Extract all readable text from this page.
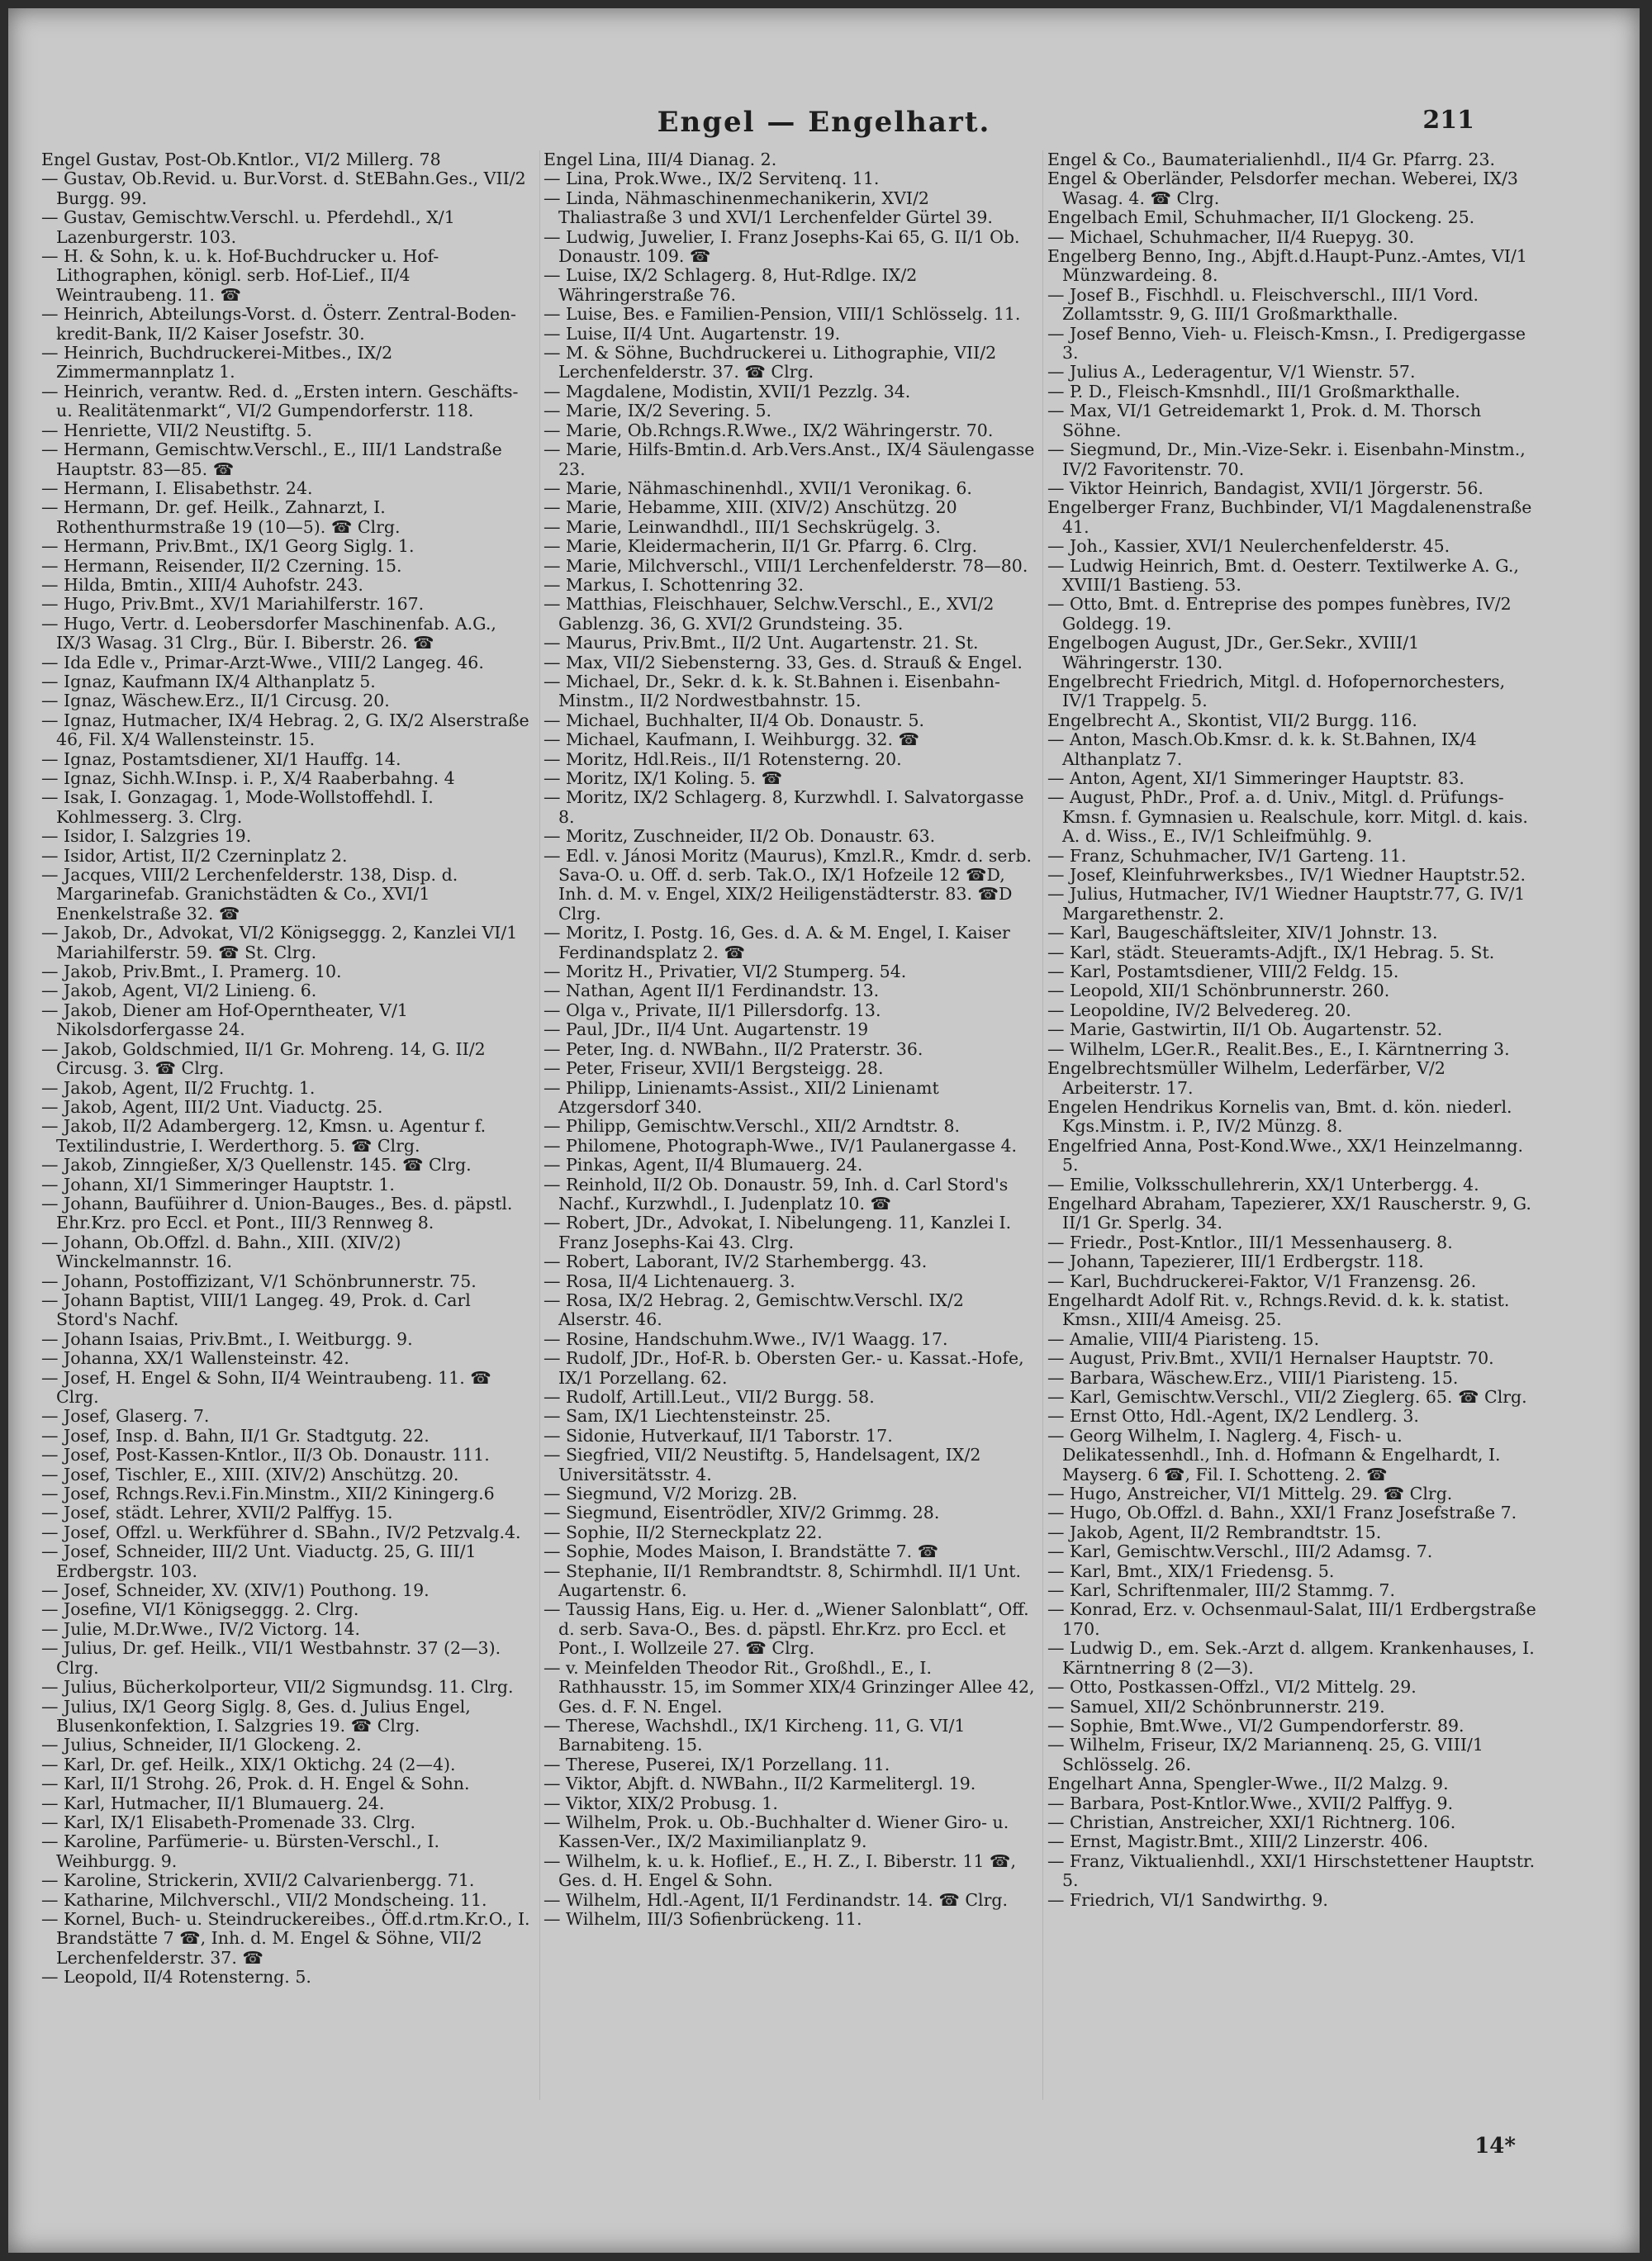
Engel — Engelhart.	211

Engel Gustav, Post-Ob.Kntlor., VI/2 Millerg. 78

— Gustav, Ob.Revid. u. Bur.Vorst. d. StEBahn.Ges., VII/2 Burgg. 99.

— Gustav, Gemischtw.Verschl. u. Pferdehdl., X/1 Lazenburgerstr. 103.

— H. & Sohn, k. u. k. Hof-Buchdrucker u. Hof-Lithographen, königl. serb. Hof-Lief., II/4 Weintraubeng. 11. ☎

— Heinrich, Abteilungs-Vorst. d. Österr. Zentral-Boden-kredit-Bank, II/2 Kaiser Josefstr. 30.

— Heinrich, Buchdruckerei-Mitbes., IX/2 Zimmermannplatz 1.

— Heinrich, verantw. Red. d. „Ersten intern. Geschäfts- u. Realitätenmarkt“, VI/2 Gumpendorferstr. 118.

— Henriette, VII/2 Neustiftg. 5.

— Hermann, Gemischtw.Verschl., E., III/1 Landstraße Hauptstr. 83—85. ☎

— Hermann, I. Elisabethstr. 24.

— Hermann, Dr. gef. Heilk., Zahnarzt, I. Rothenthurmstraße 19 (10—5). ☎ Clrg.

— Hermann, Priv.Bmt., IX/1 Georg Siglg. 1.

— Hermann, Reisender, II/2 Czerning. 15.

— Hilda, Bmtin., XIII/4 Auhofstr. 243.

— Hugo, Priv.Bmt., XV/1 Mariahilferstr. 167.

— Hugo, Vertr. d. Leobersdorfer Maschinenfab. A.G., IX/3 Wasag. 31 Clrg., Bür. I. Biberstr. 26. ☎

— Ida Edle v., Primar-Arzt-Wwe., VIII/2 Langeg. 46.

— Ignaz, Kaufmann IX/4 Althanplatz 5.

— Ignaz, Wäschew.Erz., II/1 Circusg. 20.

— Ignaz, Hutmacher, IX/4 Hebrag. 2, G. IX/2 Alserstraße 46, Fil. X/4 Wallensteinstr. 15.

— Ignaz, Postamtsdiener, XI/1 Hauffg. 14.

— Ignaz, Sichh.W.Insp. i. P., X/4 Raaberbahng. 4

— Isak, I. Gonzagag. 1, Mode-Wollstoffehdl. I. Kohlmesserg. 3. Clrg.

— Isidor, I. Salzgries 19.

— Isidor, Artist, II/2 Czerninplatz 2.

— Jacques, VIII/2 Lerchenfelderstr. 138, Disp. d. Margarinefab. Granichstädten & Co., XVI/1 Enenkelstraße 32. ☎

— Jakob, Dr., Advokat, VI/2 Königseggg. 2, Kanzlei VI/1 Mariahilferstr. 59. ☎ St. Clrg.

— Jakob, Priv.Bmt., I. Pramerg. 10.

— Jakob, Agent, VI/2 Linieng. 6.

— Jakob, Diener am Hof-Operntheater, V/1 Nikolsdorfergasse 24.

— Jakob, Goldschmied, II/1 Gr. Mohreng. 14, G. II/2 Circusg. 3. ☎ Clrg.

— Jakob, Agent, II/2 Fruchtg. 1.

— Jakob, Agent, III/2 Unt. Viaductg. 25.

— Jakob, II/2 Adambergerg. 12, Kmsn. u. Agentur f. Textilindustrie, I. Werderthorg. 5. ☎ Clrg.

— Jakob, Zinngießer, X/3 Quellenstr. 145. ☎ Clrg.

— Johann, XI/1 Simmeringer Hauptstr. 1.

— Johann, Baufüihrer d. Union-Bauges., Bes. d. päpstl. Ehr.Krz. pro Eccl. et Pont., III/3 Rennweg 8.

— Johann, Ob.Offzl. d. Bahn., XIII. (XIV/2) Winckelmannstr. 16.

— Johann, Postoffizizant, V/1 Schönbrunnerstr. 75.

— Johann Baptist, VIII/1 Langeg. 49, Prok. d. Carl Stord's Nachf.

— Johann Isaias, Priv.Bmt., I. Weitburgg. 9.

— Johanna, XX/1 Wallensteinstr. 42.

— Josef, H. Engel & Sohn, II/4 Weintraubeng. 11. ☎ Clrg.

— Josef, Glaserg. 7.

— Josef, Insp. d. Bahn, II/1 Gr. Stadtgutg. 22.

— Josef, Post-Kassen-Kntlor., II/3 Ob. Donaustr. 111.

— Josef, Tischler, E., XIII. (XIV/2) Anschützg. 20.

— Josef, Rchngs.Rev.i.Fin.Minstm., XII/2 Kiningerg.6

— Josef, städt. Lehrer, XVII/2 Palffyg. 15.

— Josef, Offzl. u. Werkführer d. SBahn., IV/2 Petzvalg.4.

— Josef, Schneider, III/2 Unt. Viaductg. 25, G. III/1 Erdbergstr. 103.

— Josef, Schneider, XV. (XIV/1) Pouthong. 19.

— Josefine, VI/1 Königseggg. 2. Clrg.

— Julie, M.Dr.Wwe., IV/2 Victorg. 14.

— Julius, Dr. gef. Heilk., VII/1 Westbahnstr. 37 (2—3). Clrg.

— Julius, Bücherkolporteur, VII/2 Sigmundsg. 11. Clrg.

— Julius, IX/1 Georg Siglg. 8, Ges. d. Julius Engel, Blusenkonfektion, I. Salzgries 19. ☎ Clrg.

— Julius, Schneider, II/1 Glockeng. 2.

— Karl, Dr. gef. Heilk., XIX/1 Oktichg. 24 (2—4).

— Karl, II/1 Strohg. 26, Prok. d. H. Engel & Sohn.

— Karl, Hutmacher, II/1 Blumauerg. 24.

— Karl, IX/1 Elisabeth-Promenade 33. Clrg.

— Karoline, Parfümerie- u. Bürsten-Verschl., I. Weihburgg. 9.

— Karoline, Strickerin, XVII/2 Calvarienbergg. 71.

— Katharine, Milchverschl., VII/2 Mondscheing. 11.

— Kornel, Buch- u. Steindruckereibes., Öff.d.rtm.Kr.O., I. Brandstätte 7 ☎, Inh. d. M. Engel & Söhne, VII/2 Lerchenfelderstr. 37. ☎

— Leopold, II/4 Rotensterng. 5.

Engel Lina, III/4 Dianag. 2.

— Lina, Prok.Wwe., IX/2 Servitenq. 11.

— Linda, Nähmaschinenmechanikerin, XVI/2 Thaliastraße 3 und XVI/1 Lerchenfelder Gürtel 39.

— Ludwig, Juwelier, I. Franz Josephs-Kai 65, G. II/1 Ob. Donaustr. 109. ☎

— Luise, IX/2 Schlagerg. 8, Hut-Rdlge. IX/2 Währingerstraße 76.

— Luise, Bes. e Familien-Pension, VIII/1 Schlösselg. 11.

— Luise, II/4 Unt. Augartenstr. 19.

— M. & Söhne, Buchdruckerei u. Lithographie, VII/2 Lerchenfelderstr. 37. ☎ Clrg.

— Magdalene, Modistin, XVII/1 Pezzlg. 34.

— Marie, IX/2 Severing. 5.

— Marie, Ob.Rchngs.R.Wwe., IX/2 Währingerstr. 70.

— Marie, Hilfs-Bmtin.d. Arb.Vers.Anst., IX/4 Säulengasse 23.

— Marie, Nähmaschinenhdl., XVII/1 Veronikag. 6.

— Marie, Hebamme, XIII. (XIV/2) Anschützg. 20

— Marie, Leinwandhdl., III/1 Sechskrügelg. 3.

— Marie, Kleidermacherin, II/1 Gr. Pfarrg. 6. Clrg.

— Marie, Milchverschl., VIII/1 Lerchenfelderstr. 78—80.

— Markus, I. Schottenring 32.

— Matthias, Fleischhauer, Selchw.Verschl., E., XVI/2 Gablenzg. 36, G. XVI/2 Grundsteing. 35.

— Maurus, Priv.Bmt., II/2 Unt. Augartenstr. 21. St.

— Max, VII/2 Siebensterng. 33, Ges. d. Strauß & Engel.

— Michael, Dr., Sekr. d. k. k. St.Bahnen i. Eisenbahn-Minstm., II/2 Nordwestbahnstr. 15.

— Michael, Buchhalter, II/4 Ob. Donaustr. 5.

— Michael, Kaufmann, I. Weihburgg. 32. ☎

— Moritz, Hdl.Reis., II/1 Rotensterng. 20.

— Moritz, IX/1 Koling. 5. ☎

— Moritz, IX/2 Schlagerg. 8, Kurzwhdl. I. Salvatorgasse 8.

— Moritz, Zuschneider, II/2 Ob. Donaustr. 63.

— Edl. v. Jánosi Moritz (Maurus), Kmzl.R., Kmdr. d. serb. Sava-O. u. Off. d. serb. Tak.O., IX/1 Hofzeile 12 ☎D, Inh. d. M. v. Engel, XIX/2 Heiligenstädterstr. 83. ☎D Clrg.

— Moritz, I. Postg. 16, Ges. d. A. & M. Engel, I. Kaiser Ferdinandsplatz 2. ☎

— Moritz H., Privatier, VI/2 Stumperg. 54.

— Nathan, Agent II/1 Ferdinandstr. 13.

— Olga v., Private, II/1 Pillersdorfg. 13.

— Paul, JDr., II/4 Unt. Augartenstr. 19

— Peter, Ing. d. NWBahn., II/2 Praterstr. 36.

— Peter, Friseur, XVII/1 Bergsteigg. 28.

— Philipp, Linienamts-Assist., XII/2 Linienamt Atzgersdorf 340.

— Philipp, Gemischtw.Verschl., XII/2 Arndtstr. 8.

— Philomene, Photograph-Wwe., IV/1 Paulanergasse 4.

— Pinkas, Agent, II/4 Blumauerg. 24.

— Reinhold, II/2 Ob. Donaustr. 59, Inh. d. Carl Stord's Nachf., Kurzwhdl., I. Judenplatz 10. ☎

— Robert, JDr., Advokat, I. Nibelungeng. 11, Kanzlei I. Franz Josephs-Kai 43. Clrg.

— Robert, Laborant, IV/2 Starhembergg. 43.

— Rosa, II/4 Lichtenauerg. 3.

— Rosa, IX/2 Hebrag. 2, Gemischtw.Verschl. IX/2 Alserstr. 46.

— Rosine, Handschuhm.Wwe., IV/1 Waagg. 17.

— Rudolf, JDr., Hof-R. b. Obersten Ger.- u. Kassat.-Hofe, IX/1 Porzellang. 62.

— Rudolf, Artill.Leut., VII/2 Burgg. 58.

— Sam, IX/1 Liechtensteinstr. 25.

— Sidonie, Hutverkauf, II/1 Taborstr. 17.

— Siegfried, VII/2 Neustiftg. 5, Handelsagent, IX/2 Universitätsstr. 4.

— Siegmund, V/2 Morizg. 2B.

— Siegmund, Eisentrödler, XIV/2 Grimmg. 28.

— Sophie, II/2 Sterneckplatz 22.

— Sophie, Modes Maison, I. Brandstätte 7. ☎

— Stephanie, II/1 Rembrandtstr. 8, Schirmhdl. II/1 Unt. Augartenstr. 6.

— Taussig Hans, Eig. u. Her. d. „Wiener Salonblatt“, Off. d. serb. Sava-O., Bes. d. päpstl. Ehr.Krz. pro Eccl. et Pont., I. Wollzeile 27. ☎ Clrg.

— v. Meinfelden Theodor Rit., Großhdl., E., I. Rathhausstr. 15, im Sommer XIX/4 Grinzinger Allee 42, Ges. d. F. N. Engel.

— Therese, Wachshdl., IX/1 Kircheng. 11, G. VI/1 Barnabiteng. 15.

— Therese, Puserei, IX/1 Porzellang. 11.

— Viktor, Abjft. d. NWBahn., II/2 Karmelitergl. 19.

— Viktor, XIX/2 Probusg. 1.

— Wilhelm, Prok. u. Ob.-Buchhalter d. Wiener Giro- u. Kassen-Ver., IX/2 Maximilianplatz 9.

— Wilhelm, k. u. k. Hoflief., E., H. Z., I. Biberstr. 11 ☎, Ges. d. H. Engel & Sohn.

— Wilhelm, Hdl.-Agent, II/1 Ferdinandstr. 14. ☎ Clrg.

— Wilhelm, III/3 Sofienbrückeng. 11.

Engel & Co., Baumaterialienhdl., II/4 Gr. Pfarrg. 23.

Engel & Oberländer, Pelsdorfer mechan. Weberei, IX/3 Wasag. 4. ☎ Clrg.

Engelbach Emil, Schuhmacher, II/1 Glockeng. 25.

— Michael, Schuhmacher, II/4 Ruepyg. 30.

Engelberg Benno, Ing., Abjft.d.Haupt-Punz.-Amtes, VI/1 Münzwardeing. 8.

— Josef B., Fischhdl. u. Fleischverschl., III/1 Vord. Zollamtsstr. 9, G. III/1 Großmarkthalle.

— Josef Benno, Vieh- u. Fleisch-Kmsn., I. Predigergasse 3.

— Julius A., Lederagentur, V/1 Wienstr. 57.

— P. D., Fleisch-Kmsnhdl., III/1 Großmarkthalle.

— Max, VI/1 Getreidemarkt 1, Prok. d. M. Thorsch Söhne.

— Siegmund, Dr., Min.-Vize-Sekr. i. Eisenbahn-Minstm., IV/2 Favoritenstr. 70.

— Viktor Heinrich, Bandagist, XVII/1 Jörgerstr. 56.

Engelberger Franz, Buchbinder, VI/1 Magdalenenstraße 41.

— Joh., Kassier, XVI/1 Neulerchenfelderstr. 45.

— Ludwig Heinrich, Bmt. d. Oesterr. Textilwerke A. G., XVIII/1 Bastieng. 53.

— Otto, Bmt. d. Entreprise des pompes funèbres, IV/2 Goldegg. 19.

Engelbogen August, JDr., Ger.Sekr., XVIII/1 Währingerstr. 130.

Engelbrecht Friedrich, Mitgl. d. Hofopernorchesters, IV/1 Trappelg. 5.

Engelbrecht A., Skontist, VII/2 Burgg. 116.

— Anton, Masch.Ob.Kmsr. d. k. k. St.Bahnen, IX/4 Althanplatz 7.

— Anton, Agent, XI/1 Simmeringer Hauptstr. 83.

— August, PhDr., Prof. a. d. Univ., Mitgl. d. Prüfungs-Kmsn. f. Gymnasien u. Realschule, korr. Mitgl. d. kais. A. d. Wiss., E., IV/1 Schleifmühlg. 9.

— Franz, Schuhmacher, IV/1 Garteng. 11.

— Josef, Kleinfuhrwerksbes., IV/1 Wiedner Hauptstr.52.

— Julius, Hutmacher, IV/1 Wiedner Hauptstr.77, G. IV/1 Margarethenstr. 2.

— Karl, Baugeschäftsleiter, XIV/1 Johnstr. 13.

— Karl, städt. Steueramts-Adjft., IX/1 Hebrag. 5. St.

— Karl, Postamtsdiener, VIII/2 Feldg. 15.

— Leopold, XII/1 Schönbrunnerstr. 260.

— Leopoldine, IV/2 Belvedereg. 20.

— Marie, Gastwirtin, II/1 Ob. Augartenstr. 52.

— Wilhelm, LGer.R., Realit.Bes., E., I. Kärntnerring 3.

Engelbrechtsmüller Wilhelm, Lederfärber, V/2 Arbeiterstr. 17.

Engelen Hendrikus Kornelis van, Bmt. d. kön. niederl. Kgs.Minstm. i. P., IV/2 Münzg. 8.

Engelfried Anna, Post-Kond.Wwe., XX/1 Heinzelmanng. 5.

— Emilie, Volksschullehrerin, XX/1 Unterbergg. 4.

Engelhard Abraham, Tapezierer, XX/1 Rauscherstr. 9, G. II/1 Gr. Sperlg. 34.

— Friedr., Post-Kntlor., III/1 Messenhauserg. 8.

— Johann, Tapezierer, III/1 Erdbergstr. 118.

— Karl, Buchdruckerei-Faktor, V/1 Franzensg. 26.

Engelhardt Adolf Rit. v., Rchngs.Revid. d. k. k. statist. Kmsn., XIII/4 Ameisg. 25.

— Amalie, VIII/4 Piaristeng. 15.

— August, Priv.Bmt., XVII/1 Hernalser Hauptstr. 70.

— Barbara, Wäschew.Erz., VIII/1 Piaristeng. 15.

— Karl, Gemischtw.Verschl., VII/2 Zieglerg. 65. ☎ Clrg.

— Ernst Otto, Hdl.-Agent, IX/2 Lendlerg. 3.

— Georg Wilhelm, I. Naglerg. 4, Fisch- u. Delikatessenhdl., Inh. d. Hofmann & Engelhardt, I. Mayserg. 6 ☎, Fil. I. Schotteng. 2. ☎

— Hugo, Anstreicher, VI/1 Mittelg. 29. ☎ Clrg.

— Hugo, Ob.Offzl. d. Bahn., XXI/1 Franz Josefstraße 7.

— Jakob, Agent, II/2 Rembrandtstr. 15.

— Karl, Gemischtw.Verschl., III/2 Adamsg. 7.

— Karl, Bmt., XIX/1 Friedensg. 5.

— Karl, Schriftenmaler, III/2 Stammg. 7.

— Konrad, Erz. v. Ochsenmaul-Salat, III/1 Erdbergstraße 170.

— Ludwig D., em. Sek.-Arzt d. allgem. Krankenhauses, I. Kärntnerring 8 (2—3).

— Otto, Postkassen-Offzl., VI/2 Mittelg. 29.

— Samuel, XII/2 Schönbrunnerstr. 219.

— Sophie, Bmt.Wwe., VI/2 Gumpendorferstr. 89.

— Wilhelm, Friseur, IX/2 Mariannenq. 25, G. VIII/1 Schlösselg. 26.

Engelhart Anna, Spengler-Wwe., II/2 Malzg. 9.

— Barbara, Post-Kntlor.Wwe., XVII/2 Palffyg. 9.

— Christian, Anstreicher, XXI/1 Richtnerg. 106.

— Ernst, Magistr.Bmt., XIII/2 Linzerstr. 406.

— Franz, Viktualienhdl., XXI/1 Hirschstettener Hauptstr. 5.

— Friedrich, VI/1 Sandwirthg. 9.

14*
